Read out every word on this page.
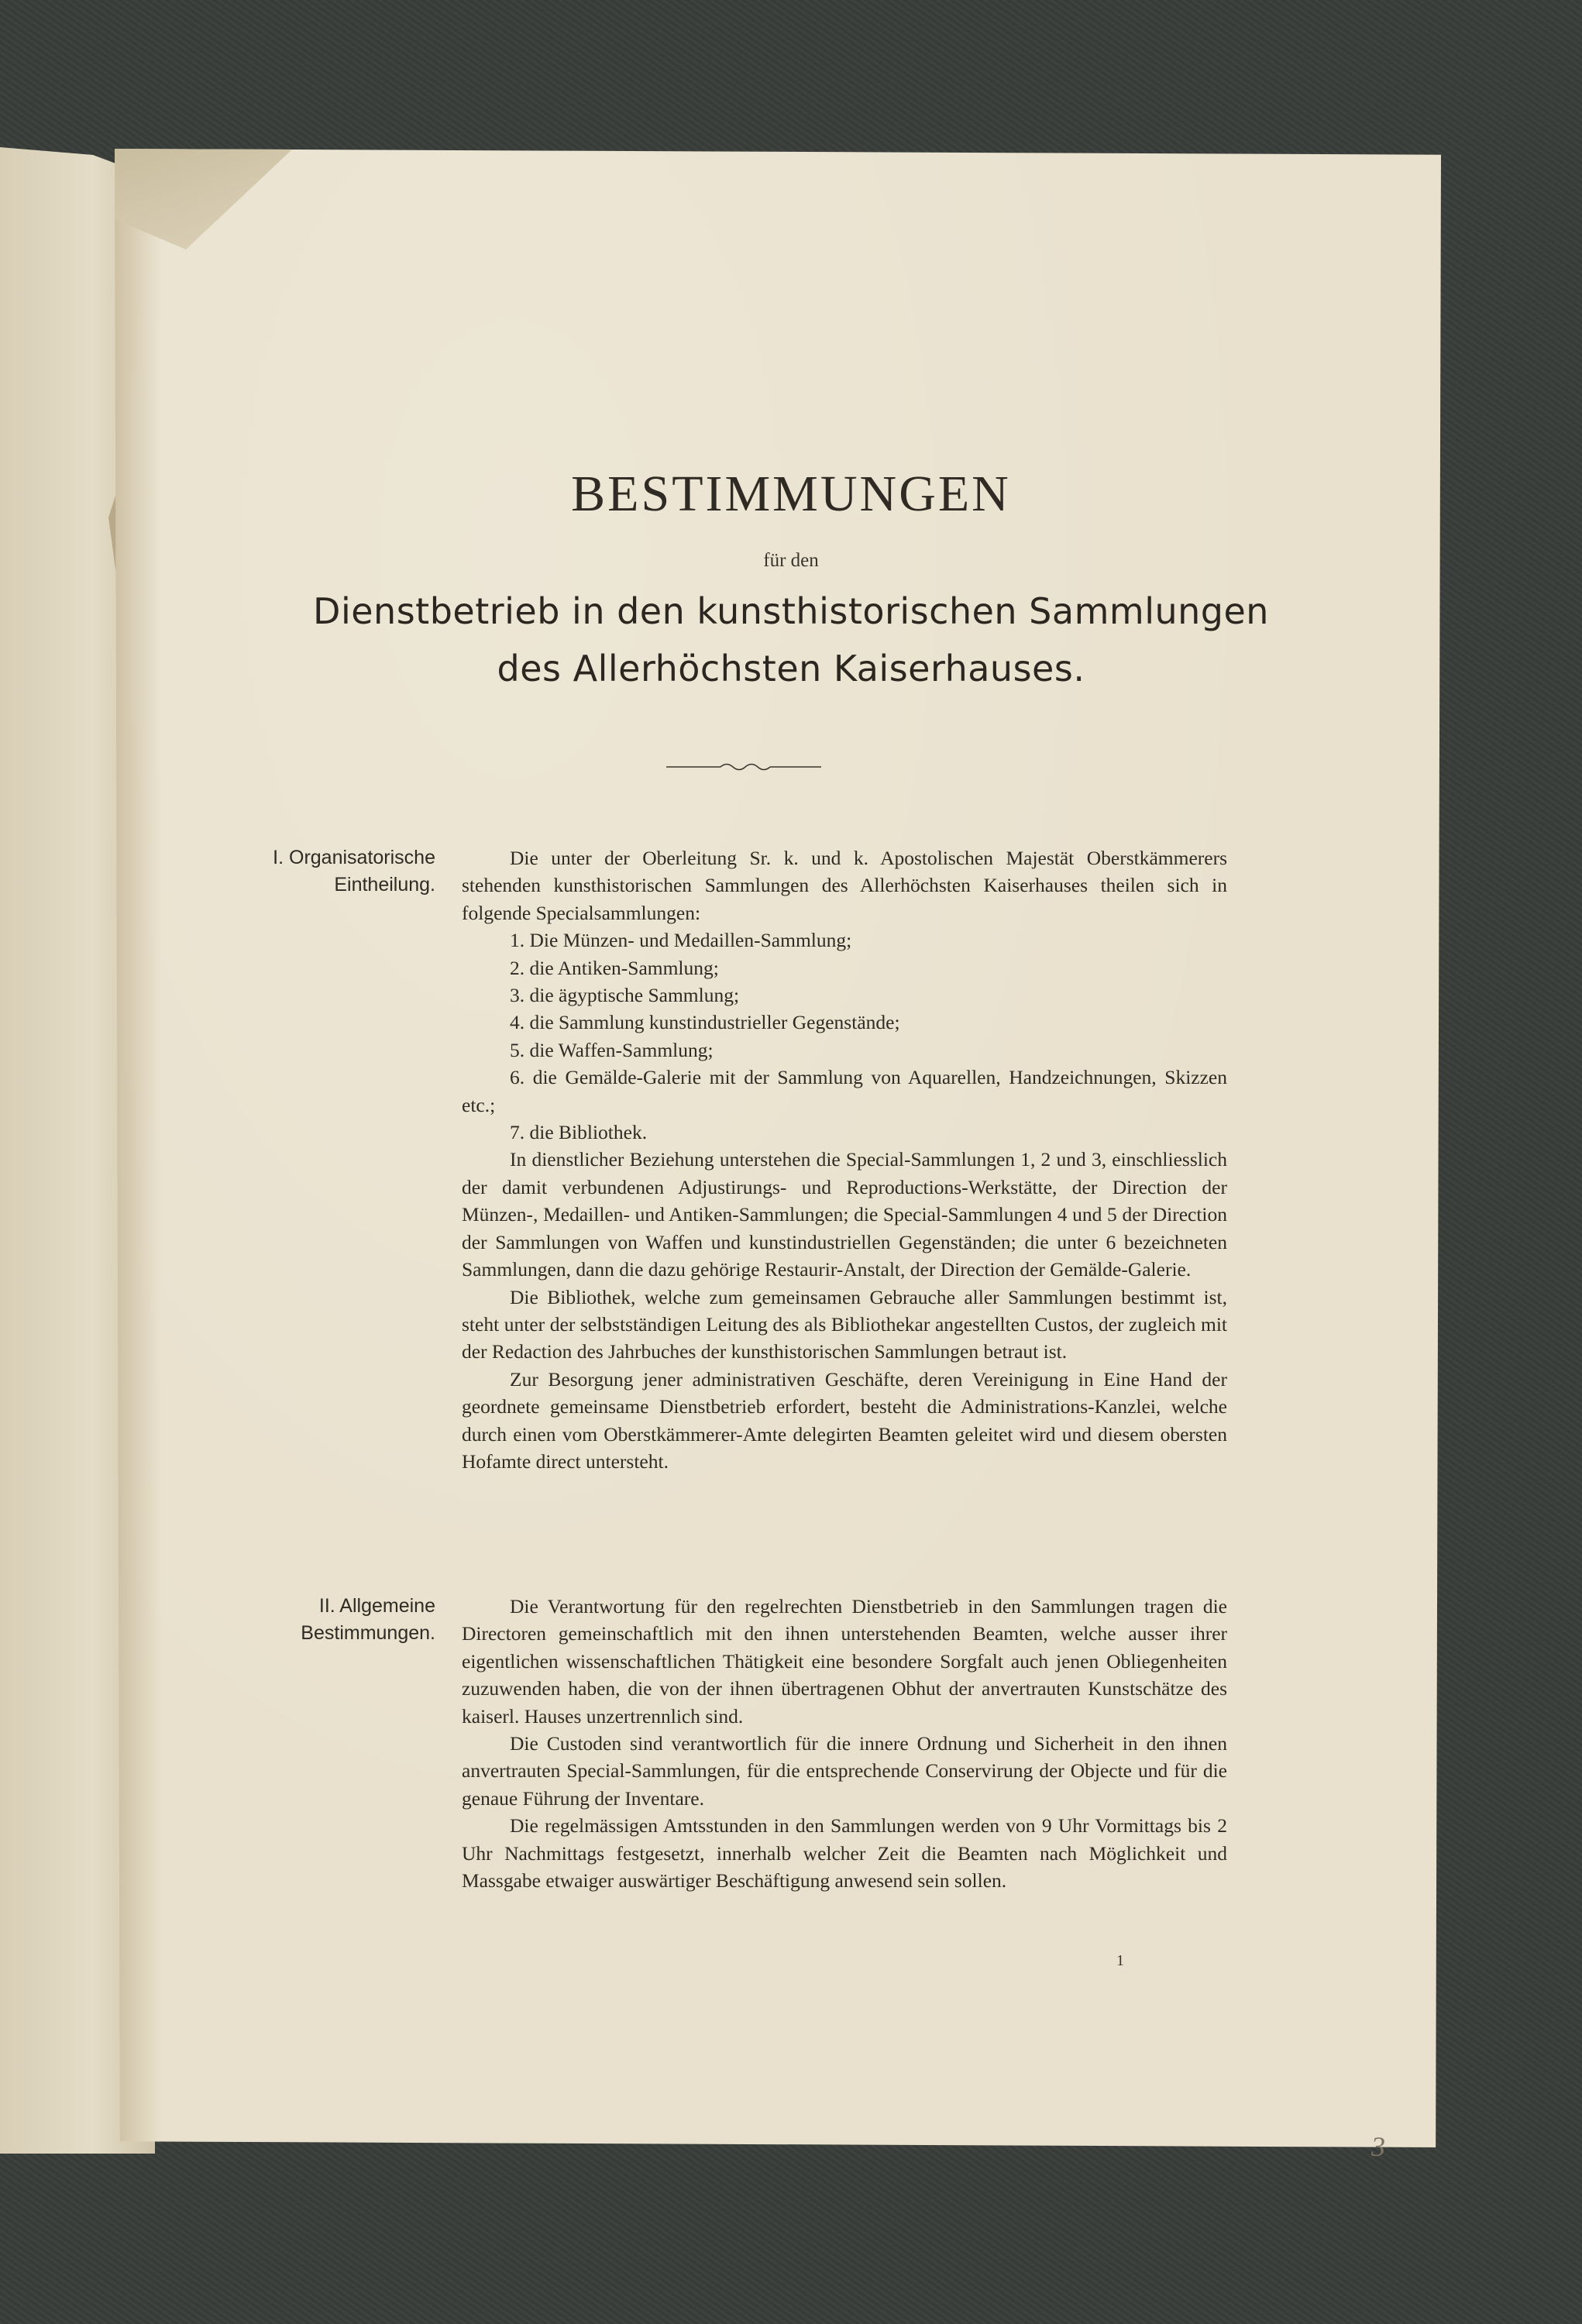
BESTIMMUNGEN
für den
Dienstbetrieb in den kunsthistorischen Sammlungen
des Allerhöchsten Kaiserhauses.
I. Organisatorische
Eintheilung.

Die unter der Oberleitung Sr. k. und k. Apostolischen Majestät Oberstkämmerers stehenden kunsthistorischen Sammlungen des Allerhöchsten Kaiserhauses theilen sich in folgende Specialsammlungen:

1. Die Münzen- und Medaillen-Sammlung;

2. die Antiken-Sammlung;

3. die ägyptische Sammlung;

4. die Sammlung kunstindustrieller Gegenstände;

5. die Waffen-Sammlung;

6. die Gemälde-Galerie mit der Sammlung von Aquarellen, Handzeichnungen, Skizzen etc.;

7. die Bibliothek.

In dienstlicher Beziehung unterstehen die Special-Sammlungen 1, 2 und 3, einschliesslich der damit verbundenen Adjustirungs- und Reproductions-Werkstätte, der Direction der Münzen-, Medaillen- und Antiken-Sammlungen; die Special-Sammlungen 4 und 5 der Direction der Sammlungen von Waffen und kunstindustriellen Gegenständen; die unter 6 bezeichneten Sammlungen, dann die dazu gehörige Restaurir-Anstalt, der Direction der Gemälde-Galerie.

Die Bibliothek, welche zum gemeinsamen Gebrauche aller Sammlungen bestimmt ist, steht unter der selbstständigen Leitung des als Bibliothekar angestellten Custos, der zugleich mit der Redaction des Jahrbuches der kunsthistorischen Sammlungen betraut ist.

Zur Besorgung jener administrativen Geschäfte, deren Vereinigung in Eine Hand der geordnete gemeinsame Dienstbetrieb erfordert, besteht die Administrations-Kanzlei, welche durch einen vom Oberstkämmerer-Amte delegirten Beamten geleitet wird und diesem obersten Hofamte direct untersteht.

II. Allgemeine
Bestimmungen.

Die Verantwortung für den regelrechten Dienstbetrieb in den Sammlungen tragen die Directoren gemeinschaftlich mit den ihnen unterstehenden Beamten, welche ausser ihrer eigentlichen wissenschaftlichen Thätigkeit eine besondere Sorgfalt auch jenen Obliegenheiten zuzuwenden haben, die von der ihnen übertragenen Obhut der anvertrauten Kunstschätze des kaiserl. Hauses unzertrennlich sind.

Die Custoden sind verantwortlich für die innere Ordnung und Sicherheit in den ihnen anvertrauten Special-Sammlungen, für die entsprechende Conservirung der Objecte und für die genaue Führung der Inventare.

Die regelmässigen Amtsstunden in den Sammlungen werden von 9 Uhr Vormittags bis 2 Uhr Nachmittags festgesetzt, innerhalb welcher Zeit die Beamten nach Möglichkeit und Massgabe etwaiger auswärtiger Beschäftigung anwesend sein sollen.

1
3
